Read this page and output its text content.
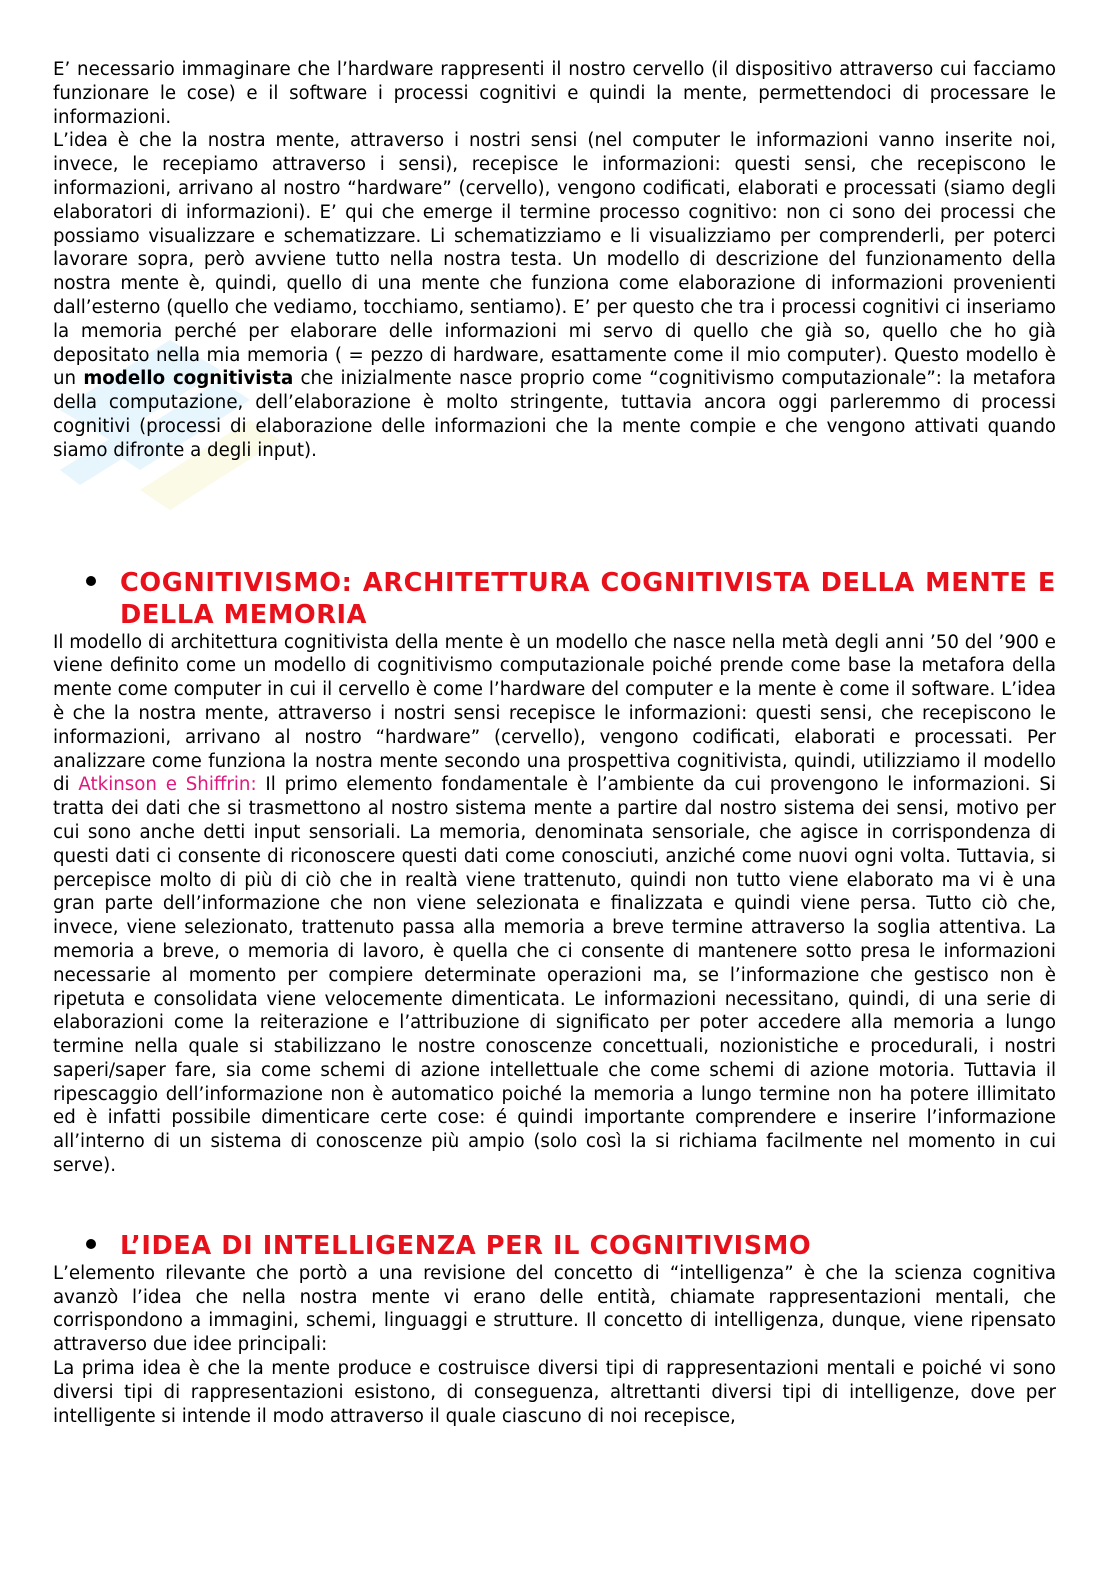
E’ necessario immaginare che l’hardware rappresenti il nostro cervello (il dispositivo attraverso cui facciamo funzionare le cose) e il software i processi cognitivi e quindi la mente, permettendoci di processare le informazioni.

L’idea è che la nostra mente, attraverso i nostri sensi (nel computer le informazioni vanno inserite noi, invece, le recepiamo attraverso i sensi), recepisce le informazioni: questi sensi, che recepiscono le informazioni, arrivano al nostro “hardware” (cervello), vengono codificati, elaborati e processati (siamo degli elaboratori di informazioni). E’ qui che emerge il termine processo cognitivo: non ci sono dei processi che possiamo visualizzare e schematizzare. Li schematizziamo e li visualizziamo per comprenderli, per poterci lavorare sopra, però avviene tutto nella nostra testa. Un modello di descrizione del funzionamento della nostra mente è, quindi, quello di una mente che funziona come elaborazione di informazioni provenienti dall’esterno (quello che vediamo, tocchiamo, sentiamo). E’ per questo che tra i processi cognitivi ci inseriamo la memoria perché per elaborare delle informazioni mi servo di quello che già so, quello che ho già depositato nella mia memoria ( = pezzo di hardware, esattamente come il mio computer). Questo modello è un modello cognitivista che inizialmente nasce proprio come “cognitivismo computazionale”: la metafora della computazione, dell’elaborazione è molto stringente, tuttavia ancora oggi parleremmo di processi cognitivi (processi di elaborazione delle informazioni che la mente compie e che vengono attivati quando siamo difronte a degli input).

COGNITIVISMO: ARCHITETTURA COGNITIVISTA DELLA MENTE E DELLA MEMORIA

Il modello di architettura cognitivista della mente è un modello che nasce nella metà degli anni ’50 del ’900 e viene definito come un modello di cognitivismo computazionale poiché prende come base la metafora della mente come computer in cui il cervello è come l’hardware del computer e la mente è come il software. L’idea è che la nostra mente, attraverso i nostri sensi recepisce le informazioni: questi sensi, che recepiscono le informazioni, arrivano al nostro “hardware” (cervello), vengono codificati, elaborati e processati. Per analizzare come funziona la nostra mente secondo una prospettiva cognitivista, quindi, utilizziamo il modello di Atkinson e Shiffrin: Il primo elemento fondamentale è l’ambiente da cui provengono le informazioni. Si tratta dei dati che si trasmettono al nostro sistema mente a partire dal nostro sistema dei sensi, motivo per cui sono anche detti input sensoriali. La memoria, denominata sensoriale, che agisce in corrispondenza di questi dati ci consente di riconoscere questi dati come conosciuti, anziché come nuovi ogni volta. Tuttavia, si percepisce molto di più di ciò che in realtà viene trattenuto, quindi non tutto viene elaborato ma vi è una gran parte dell’informazione che non viene selezionata e finalizzata e quindi viene persa. Tutto ciò che, invece, viene selezionato, trattenuto passa alla memoria a breve termine attraverso la soglia attentiva. La memoria a breve, o memoria di lavoro, è quella che ci consente di mantenere sotto presa le informazioni necessarie al momento per compiere determinate operazioni ma, se l’informazione che gestisco non è ripetuta e consolidata viene velocemente dimenticata. Le informazioni necessitano, quindi, di una serie di elaborazioni come la reiterazione e l’attribuzione di significato per poter accedere alla memoria a lungo termine nella quale si stabilizzano le nostre conoscenze concettuali, nozionistiche e procedurali, i nostri saperi/saper fare, sia come schemi di azione intellettuale che come schemi di azione motoria. Tuttavia il ripescaggio dell’informazione non è automatico poiché la memoria a lungo termine non ha potere illimitato ed è infatti possibile dimenticare certe cose: é quindi importante comprendere e inserire l’informazione all’interno di un sistema di conoscenze più ampio (solo così la si richiama facilmente nel momento in cui serve).

L’IDEA DI INTELLIGENZA PER IL COGNITIVISMO

L’elemento rilevante che portò a una revisione del concetto di “intelligenza” è che la scienza cognitiva avanzò l’idea che nella nostra mente vi erano delle entità, chiamate rappresentazioni mentali, che corrispondono a immagini, schemi, linguaggi e strutture. Il concetto di intelligenza, dunque, viene ripensato attraverso due idee principali:

La prima idea è che la mente produce e costruisce diversi tipi di rappresentazioni mentali e poiché vi sono diversi tipi di rappresentazioni esistono, di conseguenza, altrettanti diversi tipi di intelligenze, dove per intelligente si intende il modo attraverso il quale ciascuno di noi recepisce,
